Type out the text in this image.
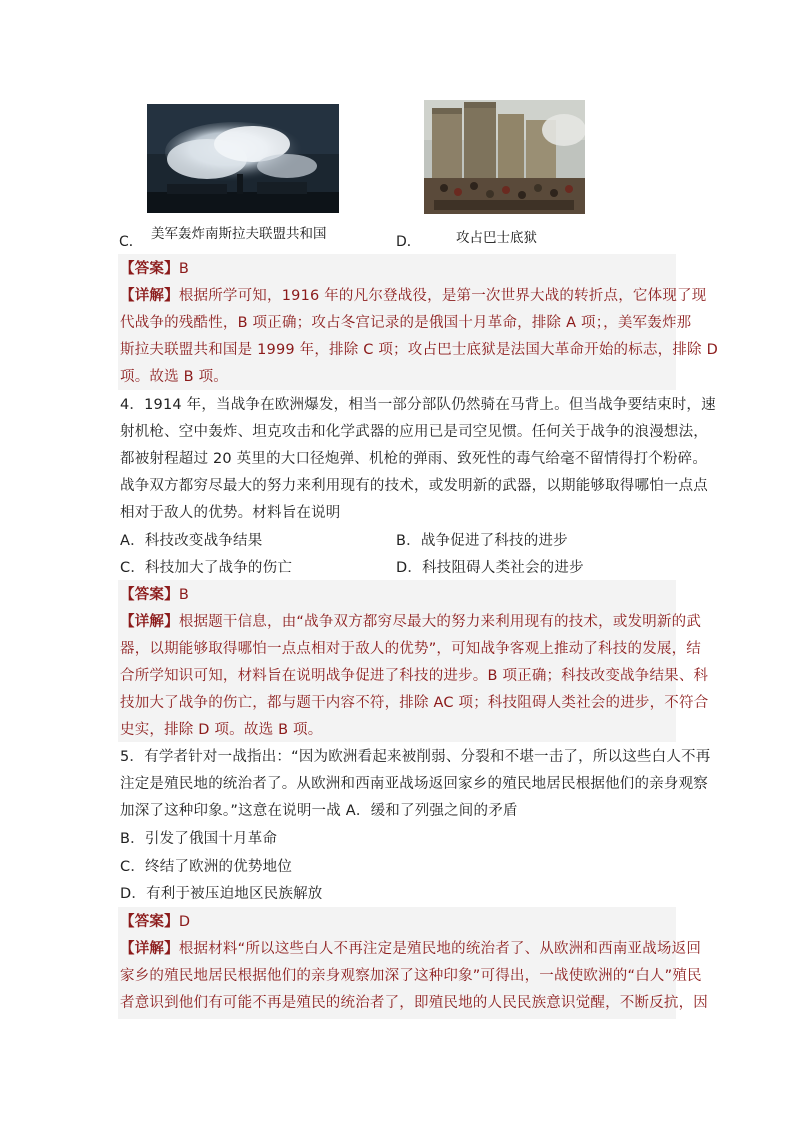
C． 美军轰炸南斯拉夫联盟共和国	D．	攻占巴士底狱
【答案】B
【详解】根据所学可知，1916 年的凡尔登战役，是第一次世界大战的转折点，它体现了现
代战争的残酷性，B 项正确；攻占冬宫记录的是俄国十月革命，排除 A 项；，美军轰炸那
斯拉夫联盟共和国是 1999 年，排除 C 项；攻占巴士底狱是法国大革命开始的标志，排除 D
项。故选 B 项。
4．1914 年，当战争在欧洲爆发，相当一部分部队仍然骑在马背上。但当战争要结束时，速
射机枪、空中轰炸、坦克攻击和化学武器的应用已是司空见惯。任何关于战争的浪漫想法，
都被射程超过 20 英里的大口径炮弹、机枪的弹雨、致死性的毒气给毫不留情得打个粉碎。
战争双方都穷尽最大的努力来利用现有的技术，或发明新的武器，以期能够取得哪怕一点点
相对于敌人的优势。材料旨在说明
A．科技改变战争结果	B．战争促进了科技的进步
C．科技加大了战争的伤亡	D．科技阻碍人类社会的进步
【答案】B
【详解】根据题干信息，由“战争双方都穷尽最大的努力来利用现有的技术，或发明新的武
器，以期能够取得哪怕一点点相对于敌人的优势”，可知战争客观上推动了科技的发展，结
合所学知识可知，材料旨在说明战争促进了科技的进步。B 项正确；科技改变战争结果、科
技加大了战争的伤亡，都与题干内容不符，排除 AC 项；科技阻碍人类社会的进步，不符合
史实，排除 D 项。故选 B 项。
5．有学者针对一战指出：“因为欧洲看起来被削弱、分裂和不堪一击了，所以这些白人不再
注定是殖民地的统治者了。从欧洲和西南亚战场返回家乡的殖民地居民根据他们的亲身观察
加深了这种印象。”这意在说明一战 A．缓和了列强之间的矛盾
B．引发了俄国十月革命
C．终结了欧洲的优势地位
D．有利于被压迫地区民族解放
【答案】D
【详解】根据材料“所以这些白人不再注定是殖民地的统治者了、从欧洲和西南亚战场返回
家乡的殖民地居民根据他们的亲身观察加深了这种印象”可得出，一战使欧洲的“白人”殖民
者意识到他们有可能不再是殖民的统治者了，即殖民地的人民民族意识觉醒，不断反抗，因
